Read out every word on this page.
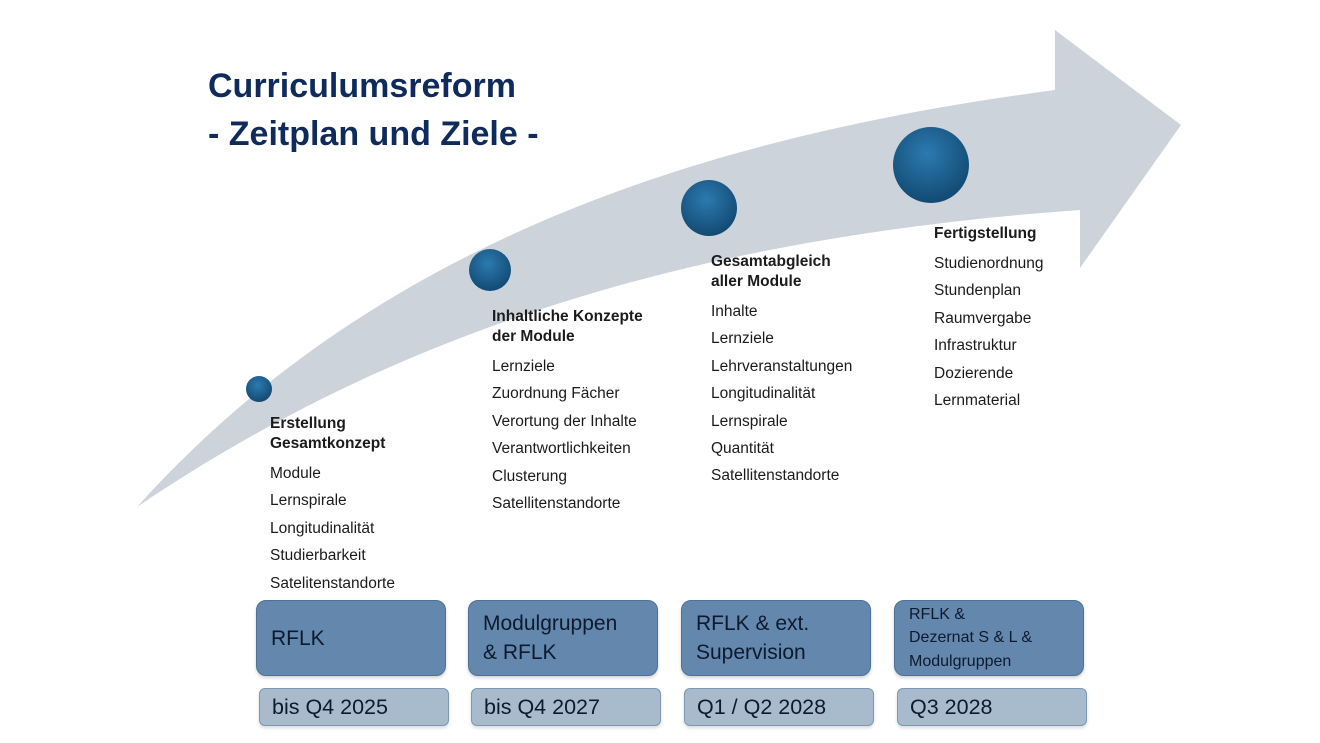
Curriculumsreform
- Zeitplan und Ziele -
Erstellung
Gesamtkonzept
Module
Lernspirale
Longitudinalität
Studierbarkeit
Satelitenstandorte
RFLK
bis Q4 2025
Inhaltliche Konzepte
der Module
Lernziele
Zuordnung Fächer
Verortung der Inhalte
Verantwortlichkeiten
Clusterung
Satellitenstandorte
Modulgruppen
& RFLK
bis Q4 2027
Gesamtabgleich
aller Module
Inhalte
Lernziele
Lehrveranstaltungen
Longitudinalität
Lernspirale
Quantität
Satellitenstandorte
RFLK & ext.
Supervision
Q1 / Q2 2028
Fertigstellung
Studienordnung
Stundenplan
Raumvergabe
Infrastruktur
Dozierende
Lernmaterial
RFLK &
Dezernat S & L &
Modulgruppen
Q3 2028
